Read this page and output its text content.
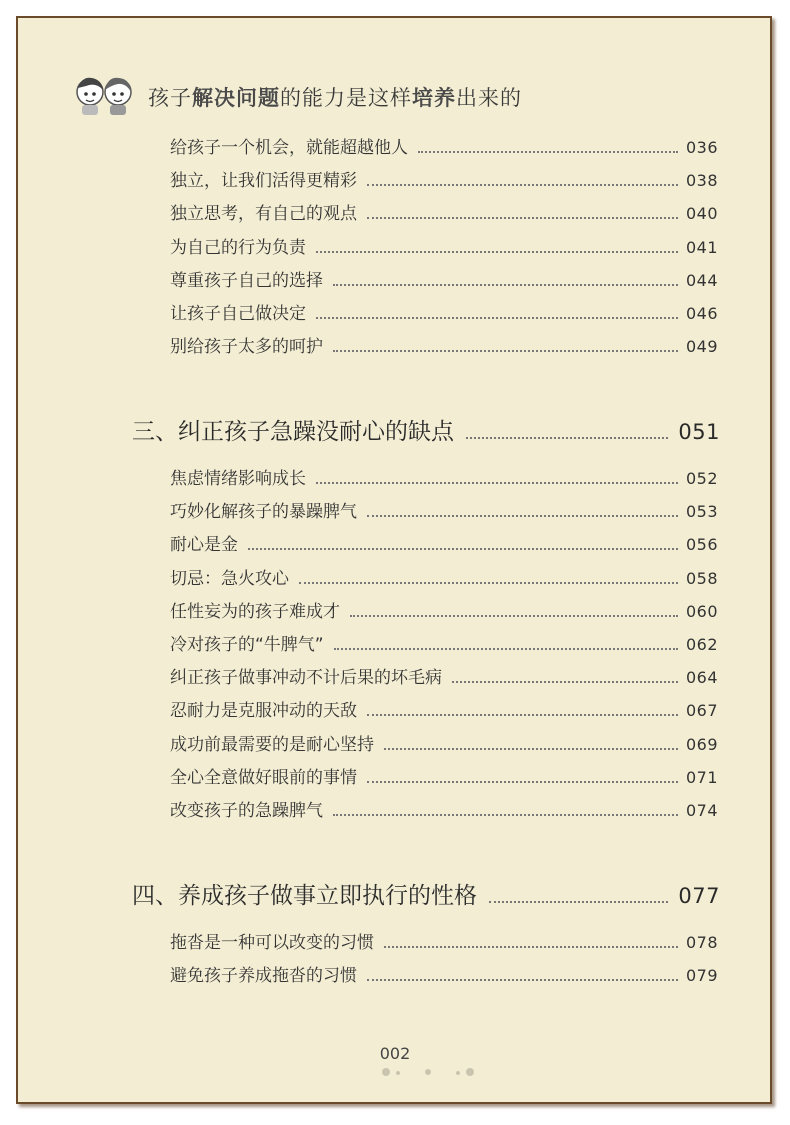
孩子解决问题的能力是这样培养出来的
给孩子一个机会，就能超越他人	036
独立，让我们活得更精彩	038
独立思考，有自己的观点	040
为自己的行为负责	041
尊重孩子自己的选择	044
让孩子自己做决定	046
别给孩子太多的呵护	049
三、纠正孩子急躁没耐心的缺点	051
焦虑情绪影响成长	052
巧妙化解孩子的暴躁脾气	053
耐心是金	056
切忌：急火攻心	058
任性妄为的孩子难成才	060
冷对孩子的“牛脾气”	062
纠正孩子做事冲动不计后果的坏毛病	064
忍耐力是克服冲动的天敌	067
成功前最需要的是耐心坚持	069
全心全意做好眼前的事情	071
改变孩子的急躁脾气	074
四、养成孩子做事立即执行的性格	077
拖沓是一种可以改变的习惯	078
避免孩子养成拖沓的习惯	079
002
